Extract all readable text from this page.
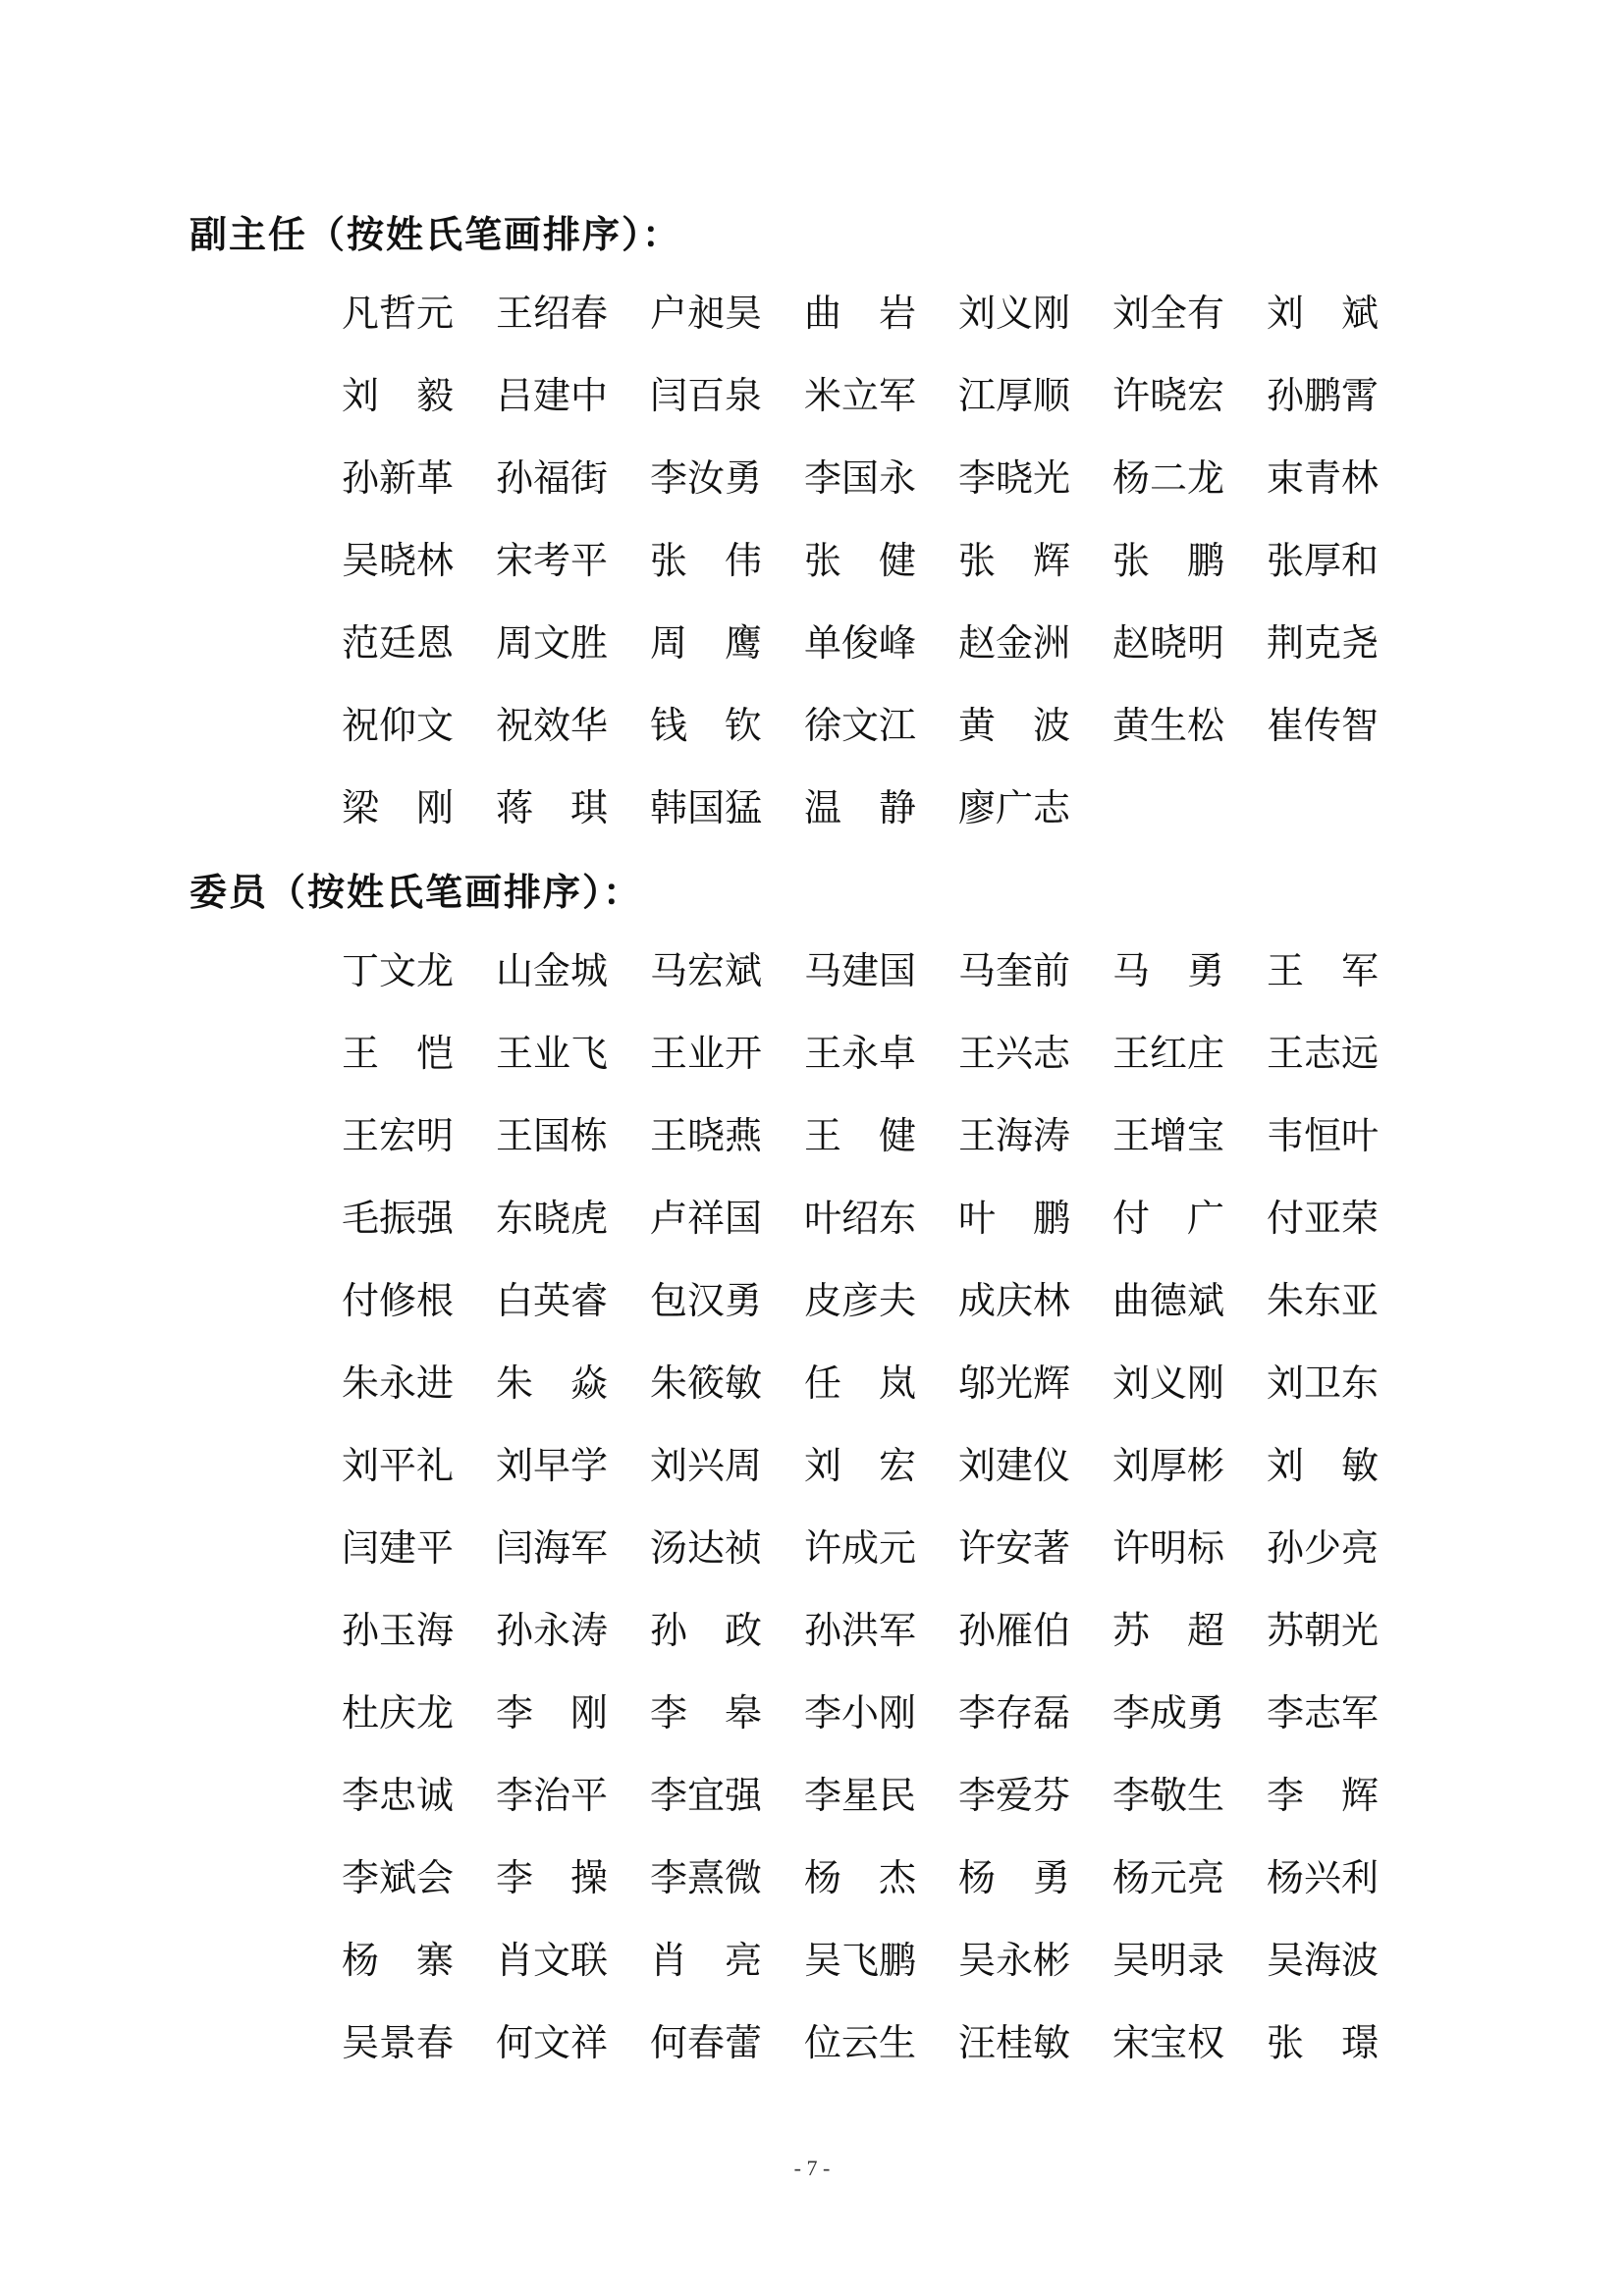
副主任（按姓氏笔画排序）：
凡哲元	王绍春	户昶昊	曲　岩	刘义刚	刘全有	刘　斌
刘　毅	吕建中	闫百泉	米立军	江厚顺	许晓宏	孙鹏霄
孙新革	孙福街	李汝勇	李国永	李晓光	杨二龙	束青林
吴晓林	宋考平	张　伟	张　健	张　辉	张　鹏	张厚和
范廷恩	周文胜	周　鹰	单俊峰	赵金洲	赵晓明	荆克尧
祝仰文	祝效华	钱　钦	徐文江	黄　波	黄生松	崔传智
梁　刚	蒋　琪	韩国猛	温　静	廖广志
委员（按姓氏笔画排序）：
丁文龙	山金城	马宏斌	马建国	马奎前	马　勇	王　军
王　恺	王业飞	王业开	王永卓	王兴志	王红庄	王志远
王宏明	王国栋	王晓燕	王　健	王海涛	王增宝	韦恒叶
毛振强	东晓虎	卢祥国	叶绍东	叶　鹏	付　广	付亚荣
付修根	白英睿	包汉勇	皮彦夫	成庆林	曲德斌	朱东亚
朱永进	朱　焱	朱筱敏	任　岚	邬光辉	刘义刚	刘卫东
刘平礼	刘早学	刘兴周	刘　宏	刘建仪	刘厚彬	刘　敏
闫建平	闫海军	汤达祯	许成元	许安著	许明标	孙少亮
孙玉海	孙永涛	孙　政	孙洪军	孙雁伯	苏　超	苏朝光
杜庆龙	李　刚	李　皋	李小刚	李存磊	李成勇	李志军
李忠诚	李治平	李宜强	李星民	李爱芬	李敬生	李　辉
李斌会	李　操	李熹微	杨　杰	杨　勇	杨元亮	杨兴利
杨　寨	肖文联	肖　亮	吴飞鹏	吴永彬	吴明录	吴海波
吴景春	何文祥	何春蕾	位云生	汪桂敏	宋宝权	张　璟
- 7 -
